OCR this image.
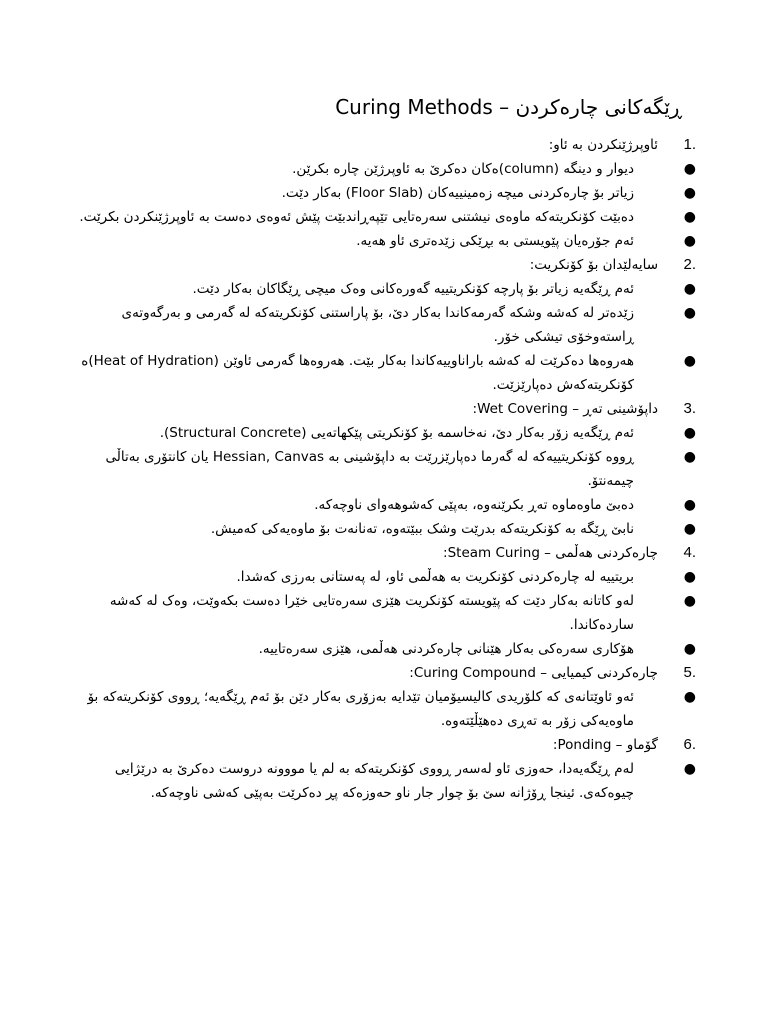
ڕێگەکانی چارەکردن – Curing Methods
1.
ئاوپرژێنکردن بە ئاو:
●
دیوار و دینگە (column)ەکان دەکرێ بە ئاوپرژێن چارە بکرێن.
●
زیاتر بۆ چارەکردنی میچە زەمینییەکان (Floor Slab) بەکار دێت.
●
دەبێت کۆنکریتەکە ماوەی نیشتنی سەرەتایی تێپەڕاندبێت پێش ئەوەی دەست بە ئاوپرژێنکردن بکرێت.
●
ئەم جۆرەیان پێویستی بە بڕێکی زێدەتری ئاو هەیە.
2.
سایەلێدان بۆ کۆنکریت:
●
ئەم ڕێگەیە زیاتر بۆ پارچە کۆنکریتییە گەورەکانی وەک میچی ڕێگاکان بەکار دێت.
●
زێدەتر لە کەشە وشکە گەرمەکاندا بەکار دێ، بۆ پاراستنی کۆنکریتەکە لە گەرمی و بەرگەوتەی ڕاستەوخۆی تیشکی خۆر.
●
هەروەها دەکرێت لە کەشە باراناوییەکاندا بەکار بێت. هەروەها گەرمی ئاوێن (Heat of Hydration)ە کۆنکریتەکەش دەپارێزێت.
3.
داپۆشینی تەڕ – Wet Covering:
●
ئەم ڕێگەیە زۆر بەکار دێ، نەخاسمە بۆ کۆنکریتی پێکهاتەیی (Structural Concrete).
●
ڕووە کۆنکریتییەکە لە گەرما دەپارێزرێت بە داپۆشینی بە Hessian, Canvas یان کانتۆری بەتاڵی چیمەنتۆ.
●
دەبێ ماوەماوە تەڕ بکرێنەوە، بەپێی کەشوهەوای ناوچەکە.
●
نابێ ڕێگە بە کۆنکریتەکە بدرێت وشک ببێتەوە، تەنانەت بۆ ماوەیەکی کەمیش.
4.
چارەکردنی هەڵمی – Steam Curing:
●
بریتییە لە چارەکردنی کۆنکریت بە هەڵمی ئاو، لە پەستانی بەرزی کەشدا.
●
لەو کاتانە بەکار دێت کە پێویستە کۆنکریت هێزی سەرەتایی خێرا دەست بکەوێت، وەک لە کەشە ساردەکاندا.
●
هۆکاری سەرەکی بەکار هێنانی چارەکردنی هەڵمی، هێزی سەرەتاییە.
5.
چارەکردنی کیمیایی – Curing Compound:
●
ئەو ئاوێتانەی کە کلۆریدی کالیسیۆمیان تێدایە بەزۆری بەکار دێن بۆ ئەم ڕێگەیە؛ ڕووی کۆنکریتەکە بۆ ماوەیەکی زۆر بە تەڕی دەهێڵێتەوە.
6.
گۆماو – Ponding:
●
لەم ڕێگەیەدا، حەوزی ئاو لەسەر ڕووی کۆنکریتەکە بە لم یا مووونە دروست دەکرێ بە درێژایی چیوەکەی. ئینجا ڕۆژانە سێ بۆ چوار جار ناو حەوزەکە پڕ دەکرێت بەپێی کەشی ناوچەکە.
